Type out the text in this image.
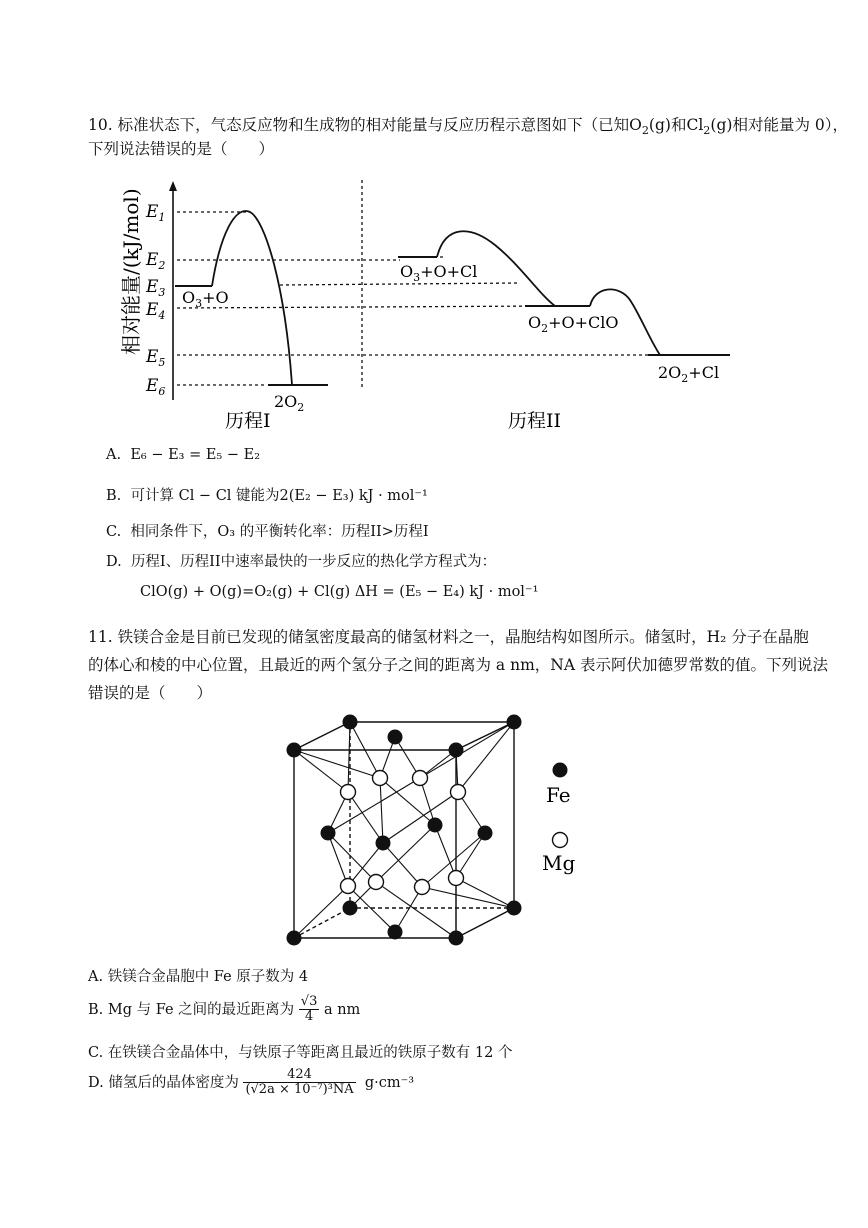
10. 标准状态下，气态反应物和生成物的相对能量与反应历程示意图如下（已知$O_2(g)$和$Cl_2(g)$相对能量为 0），
下列说法错误的是（　　）
相对能量/(kJ/mol) $E_1$
$E_2$
$E_3$
$E_4$
$E_5$
$E_6$
$O_3+O$
$2O_2$
$O_3+O+Cl$
$O_2+O+ClO$
$2O_2+Cl$
历程I	历程II
A. E₆ − E₃ = E₅ − E₂
B. 可计算 Cl − Cl 键能为2(E₂ − E₃) kJ · mol⁻¹
C. 相同条件下，O₃ 的平衡转化率：历程II>历程I
D. 历程I、历程II中速率最快的一步反应的热化学方程式为：
ClO(g) + O(g)=O₂(g) + Cl(g) ΔH = (E₅ − E₄) kJ · mol⁻¹
11. 铁镁合金是目前已发现的储氢密度最高的储氢材料之一，晶胞结构如图所示。储氢时，H₂ 分子在晶胞
的体心和棱的中心位置，且最近的两个氢分子之间的距离为 a nm，NA 表示阿伏加德罗常数的值。下列说法
错误的是（　　）
Fe
Mg
A. 铁镁合金晶胞中 Fe 原子数为 4
B. Mg 与 Fe 之间的最近距离为 $\frac{√3}{4}$ a nm
C. 在铁镁合金晶体中，与铁原子等距离且最近的铁原子数有 12 个
D. 储氢后的晶体密度为 $\frac{424}{\text{(√2a × 10⁻⁷)³NA}} g\cdot cm^{-3}$
